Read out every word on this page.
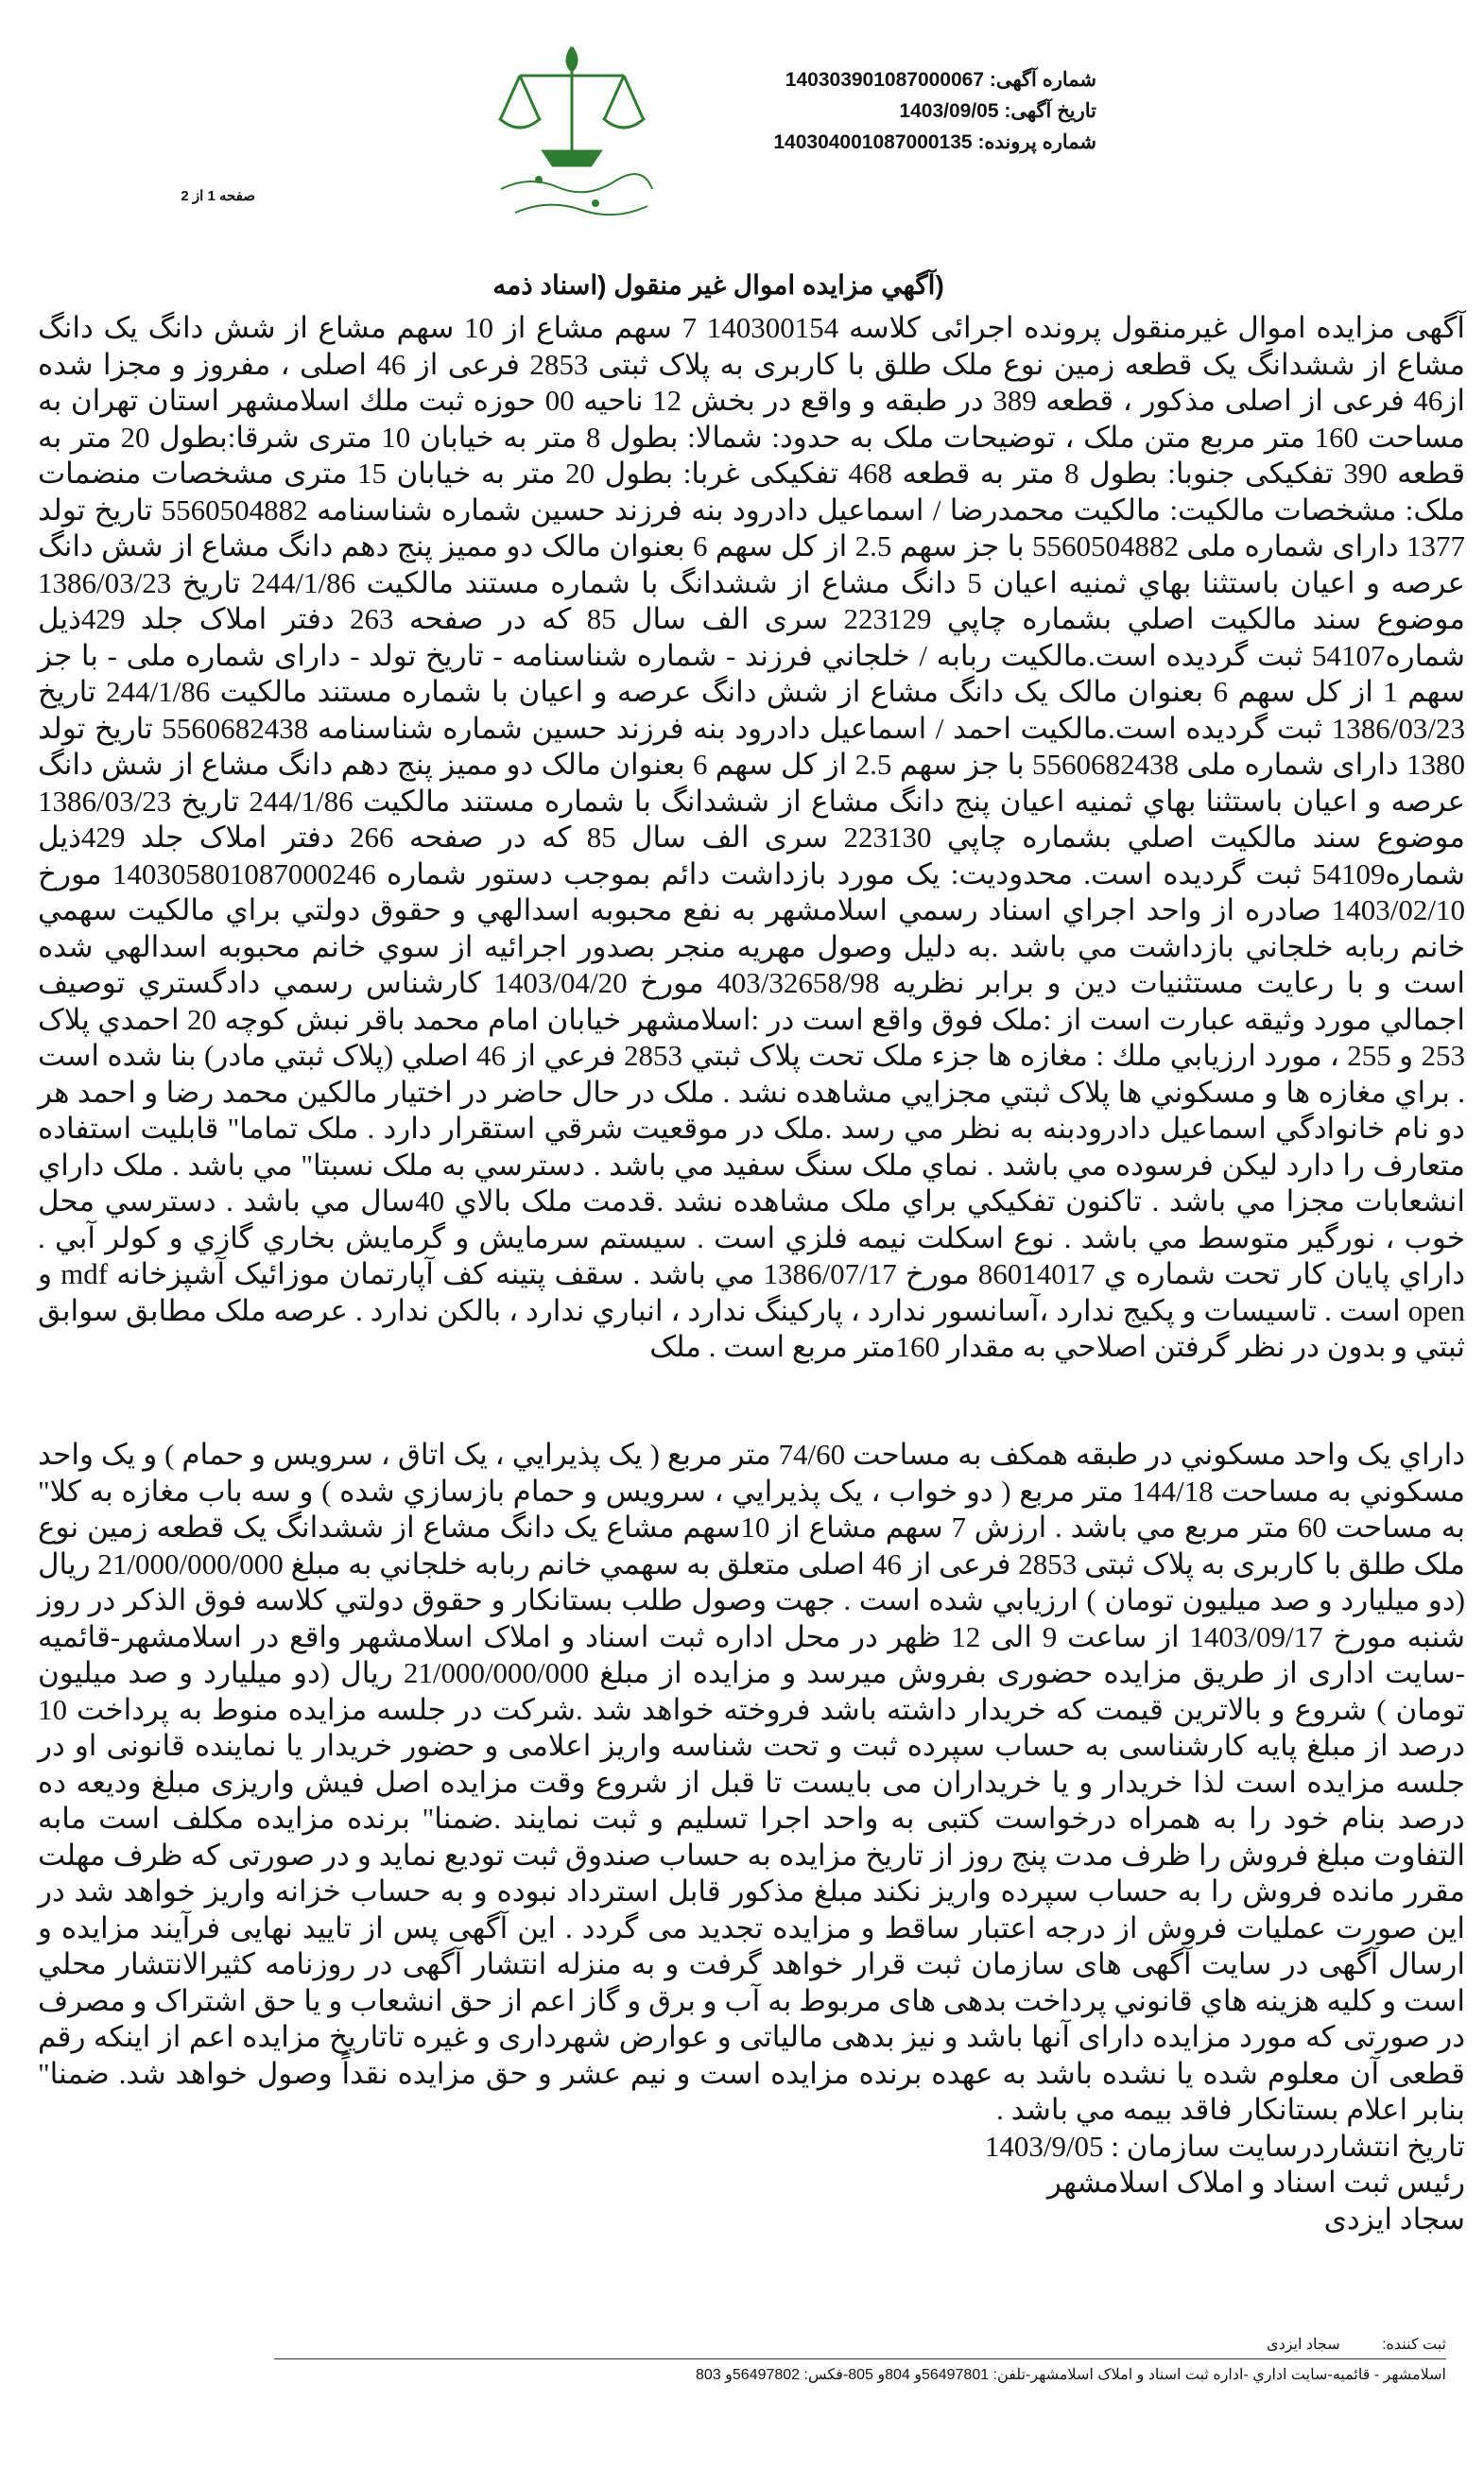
شماره آگهی: 140303901087000067
تاریخ آگهی: 1403/09/05
شماره پرونده: 140304001087000135
صفحه 1 از 2
(آگهي مزايده اموال غير منقول (اسناد ذمه
آگهی مزایده اموال غیرمنقول پرونده اجرائی کلاسه 140300154 7 سهم مشاع از 10 سهم مشاع از شش دانگ یک دانگ مشاع از ششدانگ یک قطعه زمین نوع ملک طلق با کاربری به پلاک ثبتی 2853 فرعی از 46 اصلی ، مفروز و مجزا شده از46 فرعی از اصلی مذکور ، قطعه 389 در طبقه و واقع در بخش 12 ناحیه 00 حوزه ثبت ملك اسلامشهر استان تهران به مساحت 160 متر مربع متن ملک ، توضیحات ملک به حدود: شمالا: بطول 8 متر به خیابان 10 متری شرقا:بطول 20 متر به قطعه 390 تفکیکی جنوبا: بطول 8 متر به قطعه 468 تفکیکی غربا: بطول 20 متر به خیابان 15 متری مشخصات منضمات ملک: مشخصات مالکیت: مالکیت محمدرضا / اسماعیل دادرود بنه فرزند حسین شماره شناسنامه 5560504882 تاریخ تولد 1377 دارای شماره ملی 5560504882 با جز سهم 2.5 از کل سهم 6 بعنوان مالک دو ممیز پنج دهم دانگ مشاع از شش دانگ عرصه و اعیان باستثنا بهاي ثمنيه اعيان 5 دانگ مشاع از ششدانگ با شماره مستند مالکیت 244/1/86 تاریخ 1386/03/23 موضوع سند مالکیت اصلي بشماره چاپي 223129 سری الف سال 85 که در صفحه 263 دفتر املاک جلد 429ذیل شماره54107 ثبت گردیده است.مالکیت ربابه / خلجاني فرزند - شماره شناسنامه - تاریخ تولد - دارای شماره ملی - با جز سهم 1 از کل سهم 6 بعنوان مالک یک دانگ مشاع از شش دانگ عرصه و اعیان با شماره مستند مالکیت 244/1/86 تاریخ 1386/03/23 ثبت گردیده است.مالکیت احمد / اسماعیل دادرود بنه فرزند حسین شماره شناسنامه 5560682438 تاریخ تولد 1380 دارای شماره ملی 5560682438 با جز سهم 2.5 از کل سهم 6 بعنوان مالک دو ممیز پنج دهم دانگ مشاع از شش دانگ عرصه و اعیان باستثنا بهاي ثمنيه اعيان پنج دانگ مشاع از ششدانگ با شماره مستند مالکیت 244/1/86 تاریخ 1386/03/23 موضوع سند مالکیت اصلي بشماره چاپي 223130 سری الف سال 85 که در صفحه 266 دفتر املاک جلد 429ذیل شماره54109 ثبت گردیده است. محدودیت: یک مورد بازداشت دائم بموجب دستور شماره 140305801087000246 مورخ 1403/02/10 صادره از واحد اجراي اسناد رسمي اسلامشهر به نفع محبوبه اسدالهي و حقوق دولتي براي مالکيت سهمي خانم ربابه خلجاني بازداشت مي باشد .به دليل وصول مهريه منجر بصدور اجرائيه از سوي خانم محبوبه اسدالهي شده است و با رعايت مستثنيات دين و برابر نظريه 403/32658/98 مورخ 1403/04/20 کارشناس رسمي دادگستري توصيف اجمالي مورد وثيقه عبارت است از :ملک فوق واقع است در :اسلامشهر خيابان امام محمد باقر نبش کوچه 20 احمدي پلاک 253 و 255 ، مورد ارزيابي ملك : مغازه ها جزء ملک تحت پلاک ثبتي 2853 فرعي از 46 اصلي (پلاک ثبتي مادر) بنا شده است . براي مغازه ها و مسکوني ها پلاک ثبتي مجزايي مشاهده نشد . ملک در حال حاضر در اختيار مالکين محمد رضا و احمد هر دو نام خانوادگي اسماعيل دادرودبنه به نظر مي رسد .ملک در موقعيت شرقي استقرار دارد . ملک تماما" قابليت استفاده متعارف را دارد ليکن فرسوده مي باشد . نماي ملک سنگ سفيد مي باشد . دسترسي به ملک نسبتا" مي باشد . ملک داراي انشعابات مجزا مي باشد . تاکنون تفکيکي براي ملک مشاهده نشد .قدمت ملک بالاي 40سال مي باشد . دسترسي محل خوب ، نورگير متوسط مي باشد . نوع اسکلت نيمه فلزي است . سيستم سرمايش و گرمايش بخاري گازي و کولر آبي . داراي پايان کار تحت شماره ي 86014017 مورخ 1386/07/17 مي باشد . سقف پتينه کف آپارتمان موزائيک آشپزخانه mdf و open است . تاسيسات و پکيج ندارد ،آسانسور ندارد ، پارکينگ ندارد ، انباري ندارد ، بالکن ندارد . عرصه ملک مطابق سوابق ثبتي و بدون در نظر گرفتن اصلاحي به مقدار 160متر مربع است . ملک
داراي يک واحد مسکوني در طبقه همکف به مساحت 74/60 متر مربع ( يک پذيرايي ، يک اتاق ، سرويس و حمام ) و يک واحد مسکوني به مساحت 144/18 متر مربع ( دو خواب ، يک پذيرايي ، سرويس و حمام بازسازي شده ) و سه باب مغازه به کلا" به مساحت 60 متر مربع مي باشد . ارزش 7 سهم مشاع از 10سهم مشاع یک دانگ مشاع از ششدانگ یک قطعه زمین نوع ملک طلق با کاربری به پلاک ثبتی 2853 فرعی از 46 اصلی متعلق به سهمي خانم ربابه خلجاني به مبلغ 21/000/000/000 ريال (دو ميليارد و صد ميليون تومان ) ارزيابي شده است . جهت وصول طلب بستانکار و حقوق دولتي کلاسه فوق الذکر در روز شنبه مورخ 1403/09/17 از ساعت 9 الی 12 ظهر در محل اداره ثبت اسناد و املاک اسلامشهر واقع در اسلامشهر-قائميه -سايت اداری از طریق مزایده حضوری بفروش میرسد و مزایده از مبلغ 21/000/000/000 ريال (دو ميليارد و صد ميليون تومان ) شروع و بالاترين قيمت که خريدار داشته باشد فروخته خواهد شد .شرکت در جلسه مزایده منوط به پرداخت 10 درصد از مبلغ پایه کارشناسی به حساب سپرده ثبت و تحت شناسه واریز اعلامی و حضور خریدار یا نماینده قانونی او در جلسه مزایده است لذا خریدار و یا خریداران می بایست تا قبل از شروع وقت مزایده اصل فیش واریزی مبلغ ودیعه ده درصد بنام خود را به همراه درخواست کتبی به واحد اجرا تسلیم و ثبت نمایند .ضمنا" برنده مزایده مکلف است مابه التفاوت مبلغ فروش را ظرف مدت پنج روز از تاریخ مزایده به حساب صندوق ثبت توديع نمايد و در صورتی که ظرف مهلت مقرر مانده فروش را به حساب سپرده واریز نکند مبلغ مذکور قابل استرداد نبوده و به حساب خزانه واریز خواهد شد در اين صورت عمليات فروش از درجه اعتبار ساقط و مزایده تجدید می گردد . این آگهی پس از تایید نهایی فرآیند مزایده و ارسال آگهی در سایت آگهی های سازمان ثبت قرار خواهد گرفت و به منزله انتشار آگهی در روزنامه کثيرالانتشار محلي است و کليه هزينه هاي قانوني پرداخت بدهی های مربوط به آب و برق و گاز اعم از حق انشعاب و یا حق اشتراک و مصرف در صورتی که مورد مزایده دارای آنها باشد و نیز بدهی مالیاتی و عوارض شهرداری و غیره تاتاریخ مزایده اعم از اینکه رقم قطعی آن معلوم شده یا نشده باشد به عهده برنده مزایده است و نیم عشر و حق مزایده نقداً وصول خواهد شد. ضمنا" بنابر اعلام بستانکار فاقد بيمه مي باشد .
تاریخ انتشاردرسایت سازمان : 1403/9/05
رئيس ثبت اسناد و املاک اسلامشهر
سجاد ایزدی
ثبت کننده:          سجاد ایزدی
اسلامشهر - قائمیه-سایت اداري -اداره ثبت اسناد و املاک اسلامشهر-تلفن: 56497801و 804و 805-فکس: 56497802و 803
